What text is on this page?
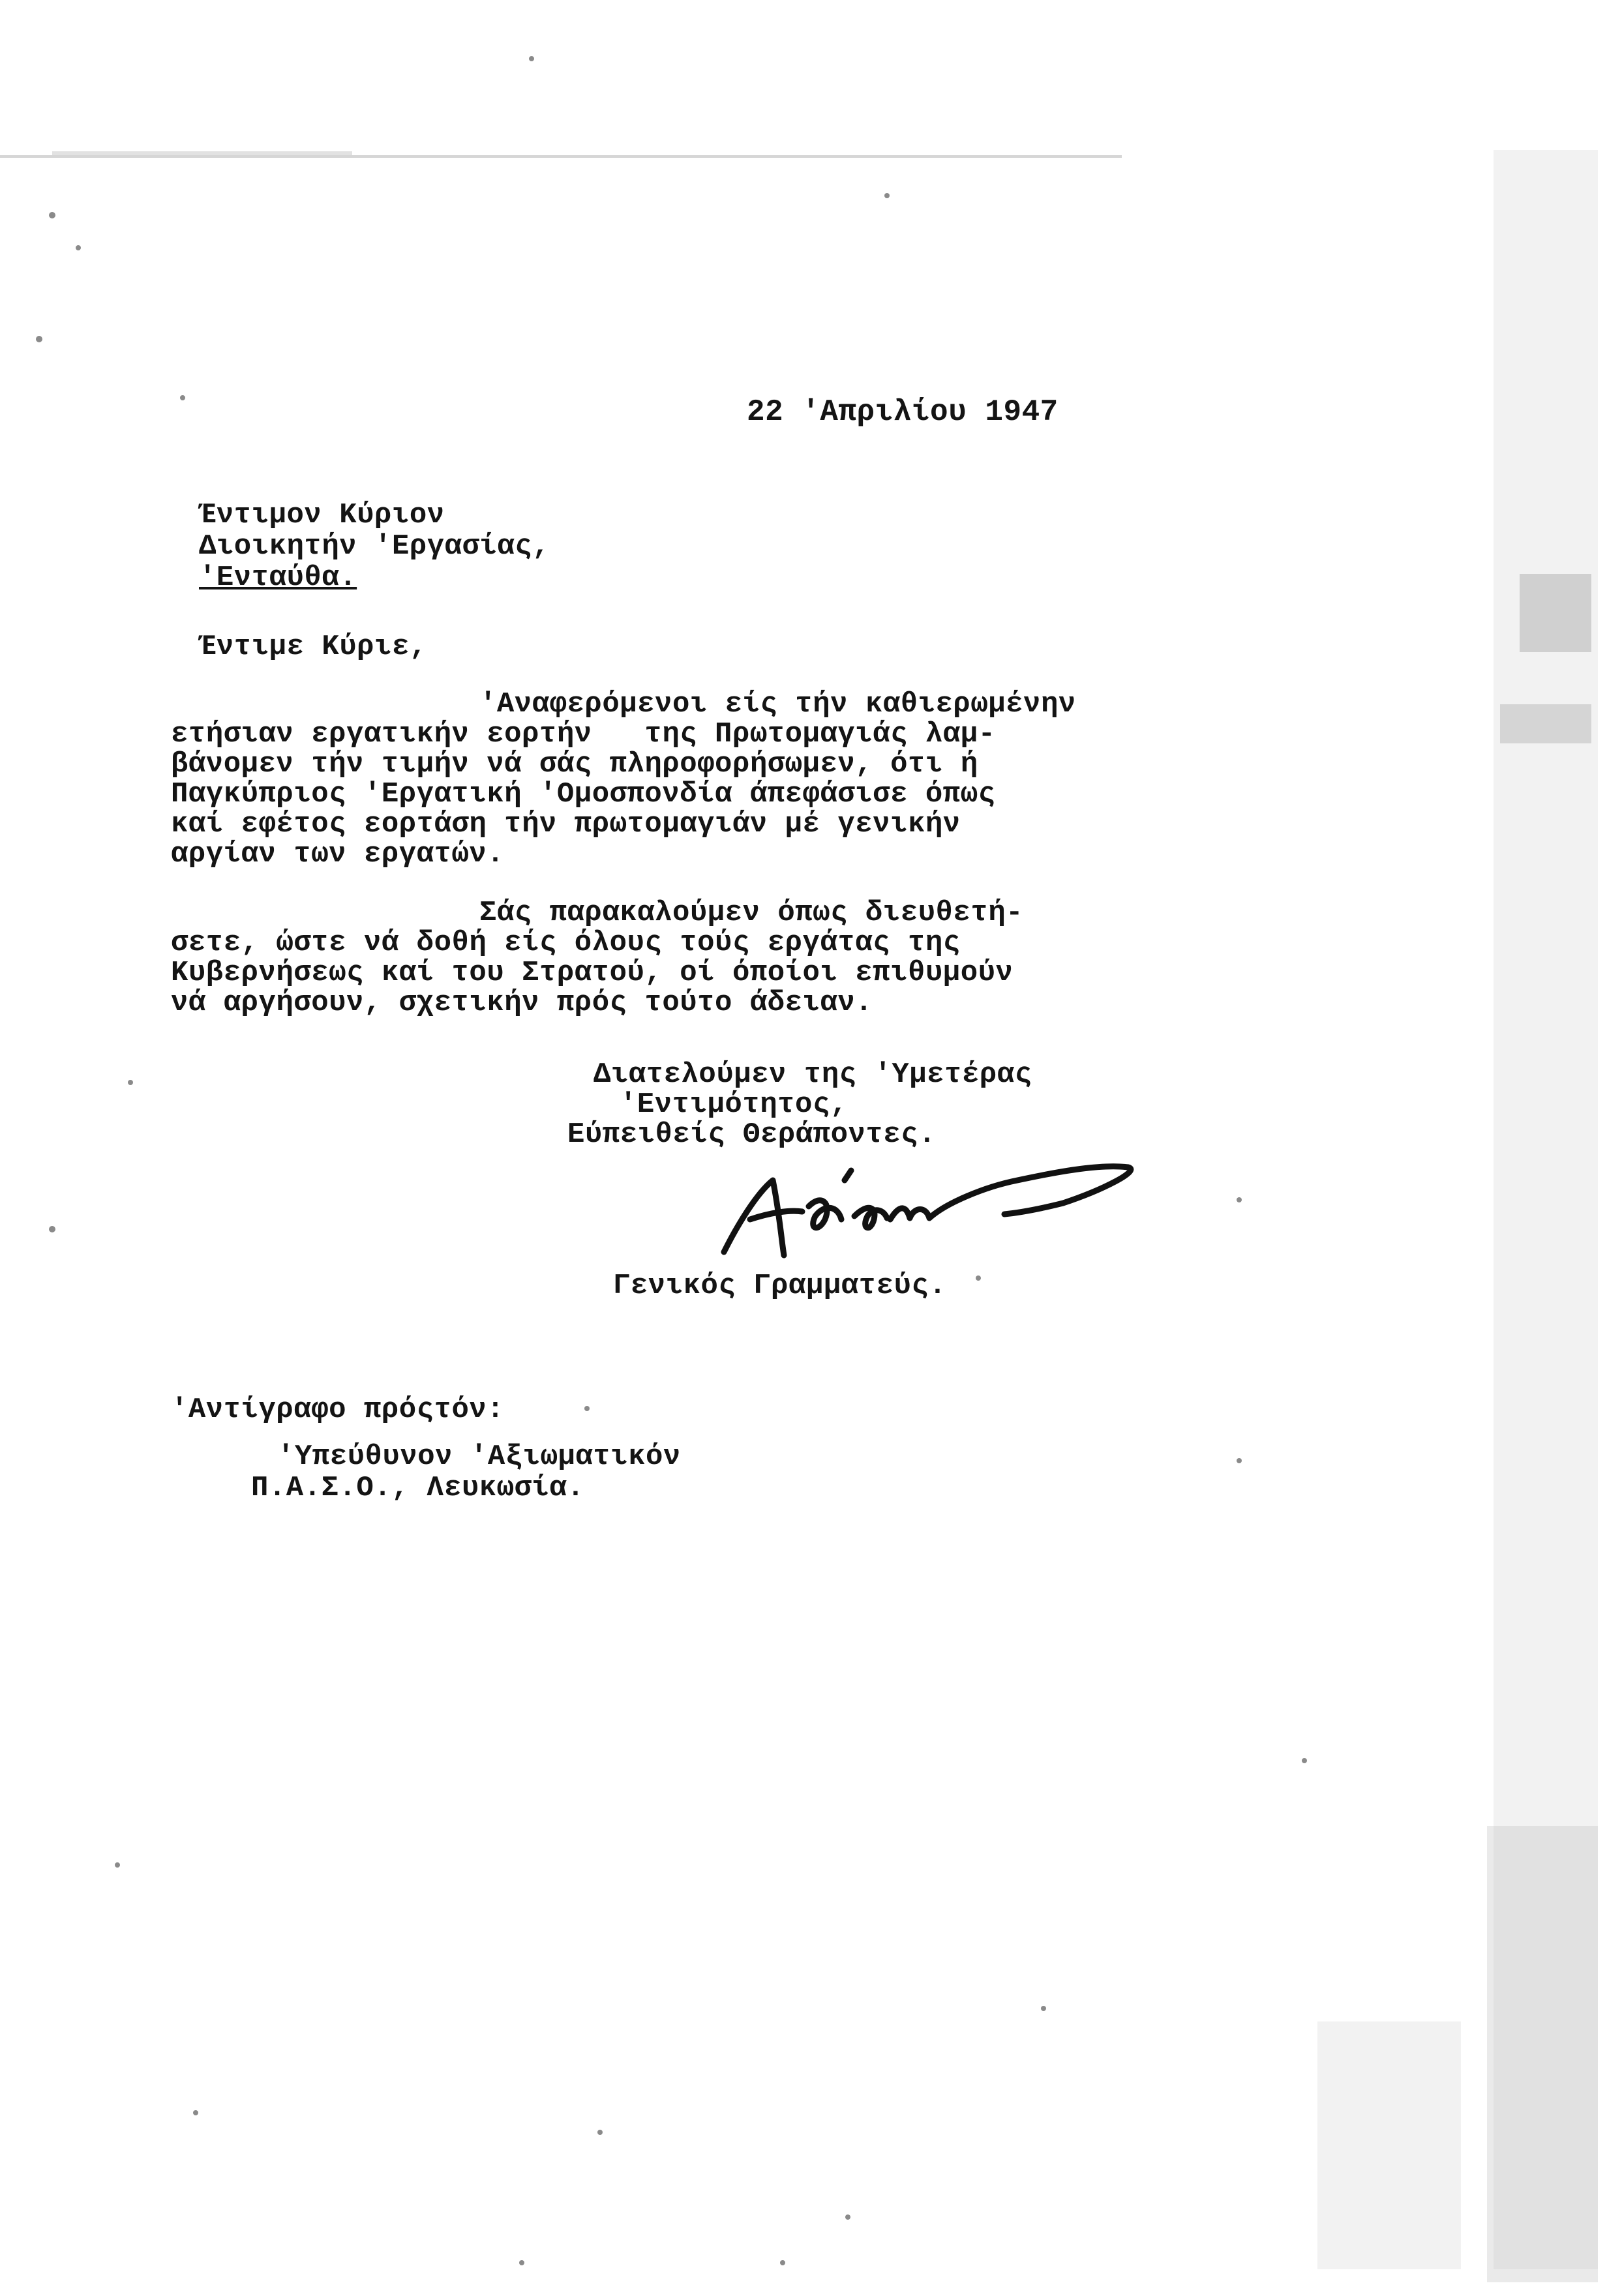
22 'Απριλίου 1947
Έντιμον Κύριον
Διοικητήν 'Εργασίας,
'Ενταύθα.
Έντιμε Κύριε,
'Αναφερόμενοι είς τήν καθιερωμένην
ετήσιαν εργατικήν εορτήν   της Πρωτομαγιάς λαμ-
βάνομεν τήν τιμήν νά σάς πληροφορήσωμεν, ότι ή
Παγκύπριος 'Εργατική 'Ομοσπονδία άπεφάσισε όπως
καί εφέτος εορτάση τήν πρωτομαγιάν μέ γενικήν
αργίαν των εργατών.
Σάς παρακαλούμεν όπως διευθετή-
σετε, ώστε νά δοθή είς όλους τούς εργάτας της
Κυβερνήσεως καί του Στρατού, οί όποίοι επιθυμούν
νά αργήσουν, σχετικήν πρός τούτο άδειαν.
Διατελούμεν της 'Υμετέρας
'Εντιμότητος,
Εύπειθείς Θεράποντες.
Γενικός Γραμματεύς.
'Αντίγραφο πρόςτόν:
'Υπεύθυνον 'Αξιωματικόν
Π.Α.Σ.Ο., Λευκωσία.
